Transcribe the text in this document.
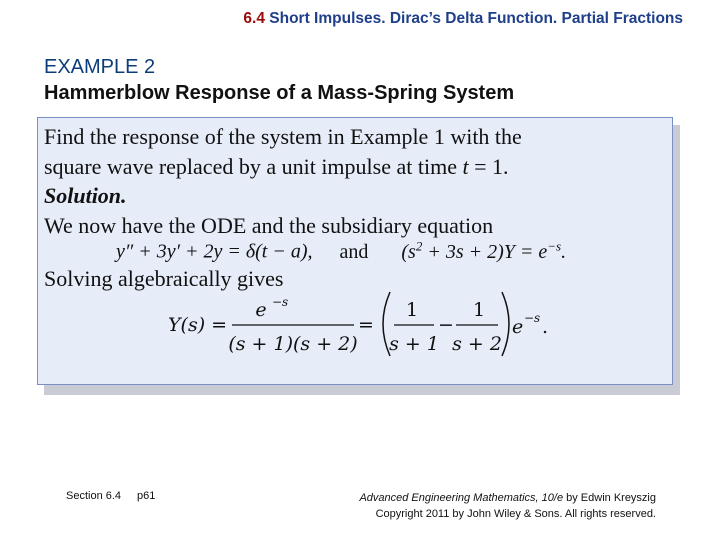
6.4 Short Impulses. Dirac’s Delta Function. Partial Fractions
EXAMPLE 2
Hammerblow Response of a Mass-Spring System
Find the response of the system in Example 1 with the
square wave replaced by a unit impulse at time t = 1.
Solution.
We now have the ODE and the subsidiary equation
y″ + 3y′ + 2y = δ(t − a), and $(s^2 + 3s + 2)Y = e^{-s}$.
Solving algebraically gives
Y(s) =
e −s
(s + 1)(s + 2)
=
1
s + 1
−
1
s + 2
e −s .
Section 6.4 p61	Advanced Engineering Mathematics, 10/e by Edwin Kreyszig
Copyright 2011 by John Wiley & Sons. All rights reserved.
